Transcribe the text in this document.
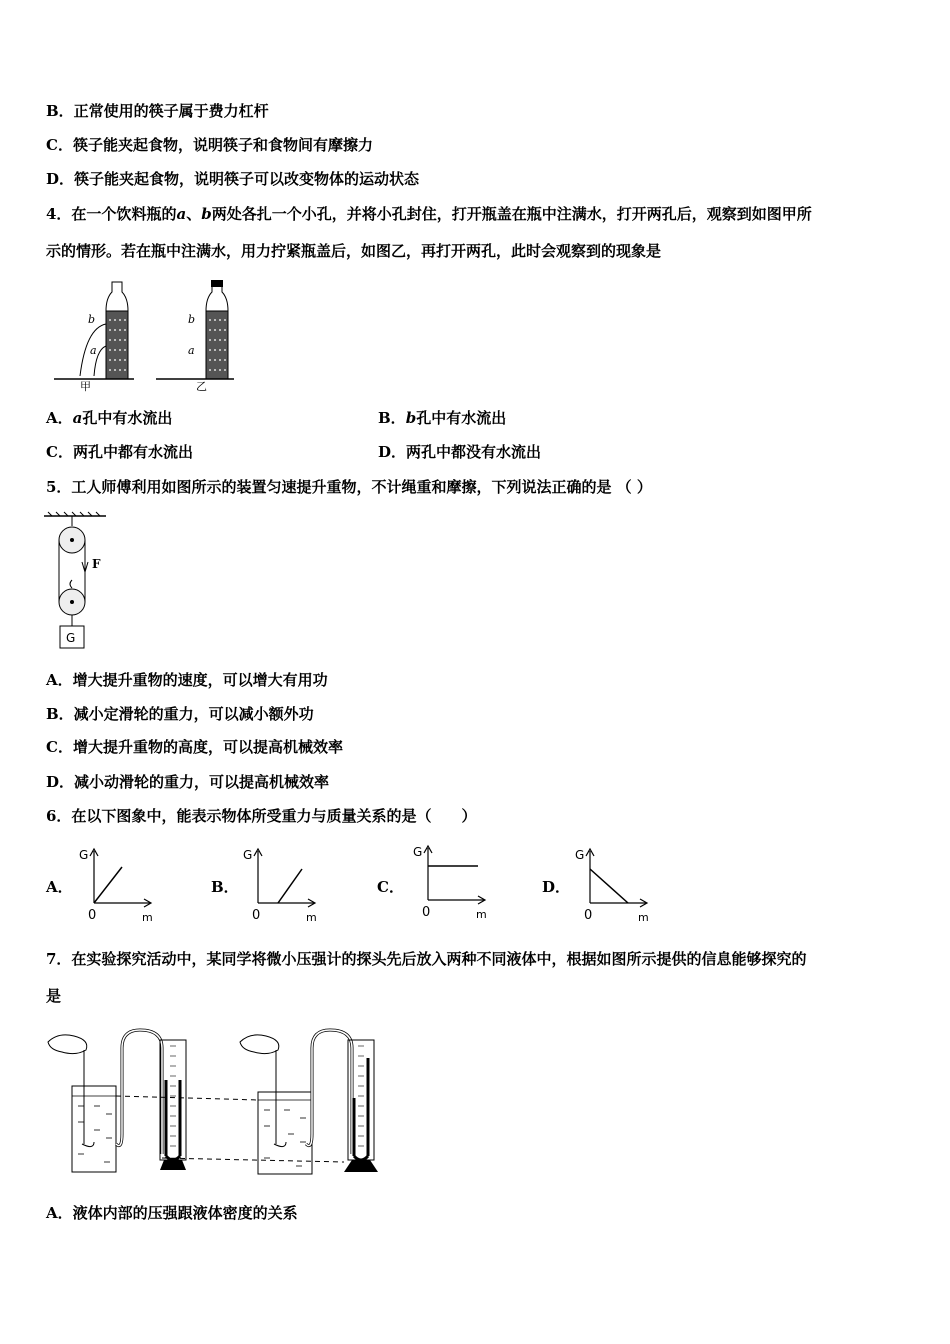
B．正常使用的筷子属于费力杠杆
C．筷子能夹起食物，说明筷子和食物间有摩擦力
D．筷子能夹起食物，说明筷子可以改变物体的运动状态
4．在一个饮料瓶的a、b两处各扎一个小孔，并将小孔封住，打开瓶盖在瓶中注满水，打开两孔后，观察到如图甲所
示的情形。若在瓶中注满水，用力拧紧瓶盖后，如图乙，再打开两孔，此时会观察到的现象是
b
a
b
a
甲	乙
A．a孔中有水流出	B．b孔中有水流出
C．两孔中都有水流出	D．两孔中都没有水流出
5．工人师傅利用如图所示的装置匀速提升重物，不计绳重和摩擦，下列说法正确的是 （ ）
F
G
A．增大提升重物的速度，可以增大有用功
B．减小定滑轮的重力，可以减小额外功
C．增大提升重物的高度，可以提高机械效率
D．减小动滑轮的重力，可以提高机械效率
6．在以下图象中，能表示物体所受重力与质量关系的是（　　）
A．	B．	C．	D．
G
m
0
G
m
0
G
m
0
G
m
0
7．在实验探究活动中，某同学将微小压强计的探头先后放入两种不同液体中，根据如图所示提供的信息能够探究的
是
A．液体内部的压强跟液体密度的关系
